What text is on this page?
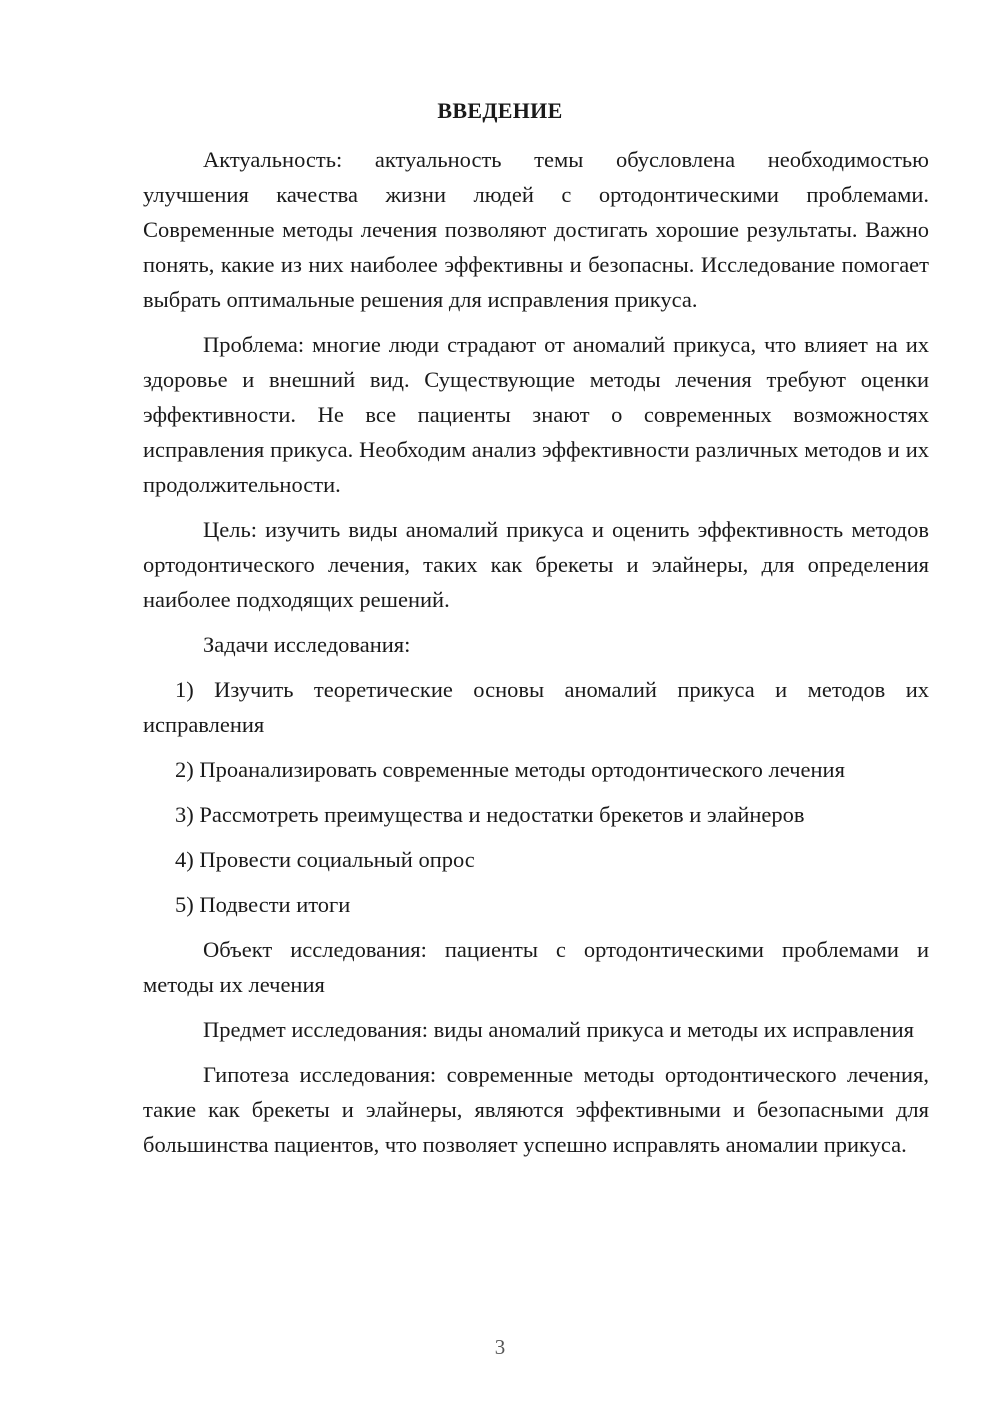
ВВЕДЕНИЕ

Актуальность: актуальность темы обусловлена необходимостью улучшения качества жизни людей с ортодонтическими проблемами. Современные методы лечения позволяют достигать хорошие результаты. Важно понять, какие из них наиболее эффективны и безопасны. Исследование помогает выбрать оптимальные решения для исправления прикуса.

Проблема: многие люди страдают от аномалий прикуса, что влияет на их здоровье и внешний вид. Существующие методы лечения требуют оценки эффективности. Не все пациенты знают о современных возможностях исправления прикуса. Необходим анализ эффективности различных методов и их продолжительности.

Цель: изучить виды аномалий прикуса и оценить эффективность методов ортодонтического лечения, таких как брекеты и элайнеры, для определения наиболее подходящих решений.

Задачи исследования:

1) Изучить теоретические основы аномалий прикуса и методов их исправления

2) Проанализировать современные методы ортодонтического лечения

3) Рассмотреть преимущества и недостатки брекетов и элайнеров

4) Провести социальный опрос

5) Подвести итоги

Объект исследования: пациенты с ортодонтическими проблемами и методы их лечения

Предмет исследования: виды аномалий прикуса и методы их исправления

Гипотеза исследования: современные методы ортодонтического лечения, такие как брекеты и элайнеры, являются эффективными и безопасными для большинства пациентов, что позволяет успешно исправлять аномалии прикуса.

3
